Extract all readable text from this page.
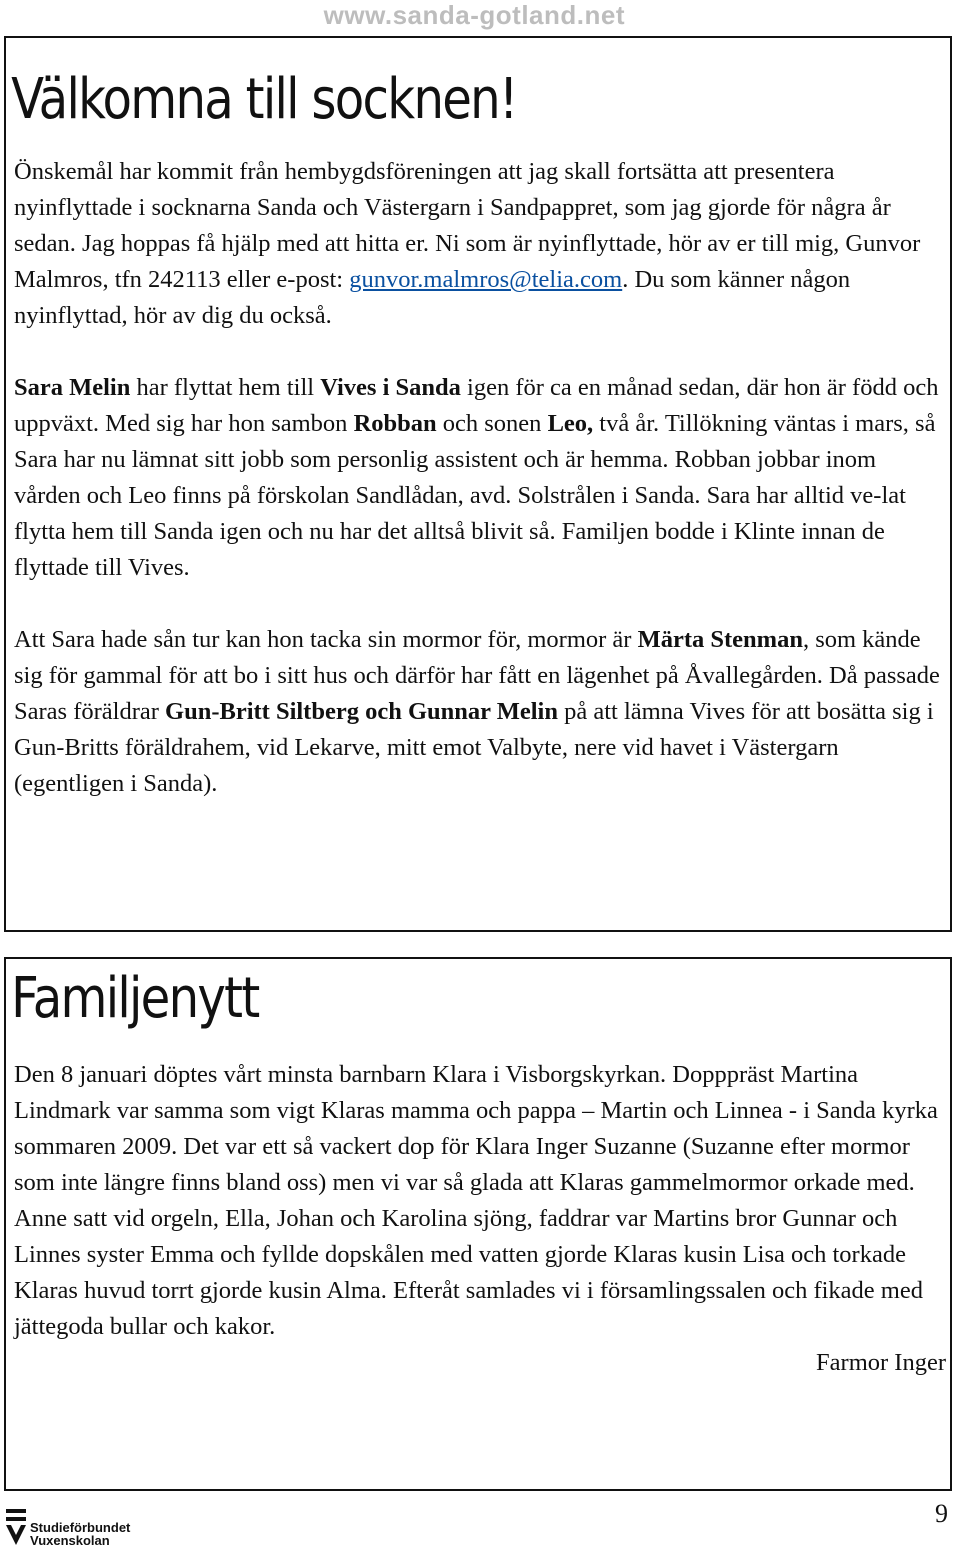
www.sanda-gotland.net
Välkomna till socknen!

Önskemål har kommit från hembygdsföreningen att jag skall fortsätta att presentera nyinflyttade i socknarna Sanda och Västergarn i Sandpappret, som jag gjorde för några år sedan. Jag hoppas få hjälp med att hitta er. Ni som är nyinflyttade, hör av er till mig, Gunvor Malmros, tfn 242113 eller e-post: gunvor.malmros@telia.com. Du som känner någon nyinflyttad, hör av dig du också.

Sara Melin har flyttat hem till Vives i Sanda igen för ca en månad sedan, där hon är född och uppväxt. Med sig har hon sambon Robban och sonen Leo, två år. Tillökning väntas i mars, så Sara har nu lämnat sitt jobb som personlig assistent och är hemma. Robban jobbar inom vården och Leo finns på förskolan Sandlådan, avd. Solstrålen i Sanda. Sara har alltid ve-lat flytta hem till Sanda igen och nu har det alltså blivit så. Familjen bodde i Klinte innan de flyttade till Vives.

Att Sara hade sån tur kan hon tacka sin mormor för, mormor är Märta Stenman, som kände sig för gammal för att bo i sitt hus och därför har fått en lägenhet på Åvallegården. Då passade Saras föräldrar Gun-Britt Siltberg och Gunnar Melin på att lämna Vives för att bosätta sig i Gun-Britts föräldrahem, vid Lekarve, mitt emot Valbyte, nere vid havet i Västergarn (egentligen i Sanda).

Familjenytt

Den 8 januari döptes vårt minsta barnbarn Klara i Visborgskyrkan. Dopppräst Martina Lindmark var samma som vigt Klaras mamma och pappa – Martin och Linnea - i Sanda kyrka sommaren 2009. Det var ett så vackert dop för Klara Inger Suzanne (Suzanne efter mormor som inte längre finns bland oss) men vi var så glada att Klaras gammelmormor orkade med. Anne satt vid orgeln, Ella, Johan och Karolina sjöng, faddrar var Martins bror Gunnar och Linnes syster Emma och fyllde dopskålen med vatten gjorde Klaras kusin Lisa och torkade Klaras huvud torrt gjorde kusin Alma. Efteråt samlades vi i församlingssalen och fikade med jättegoda bullar och kakor.

Farmor Inger

Studieförbundet
Vuxenskolan
9
